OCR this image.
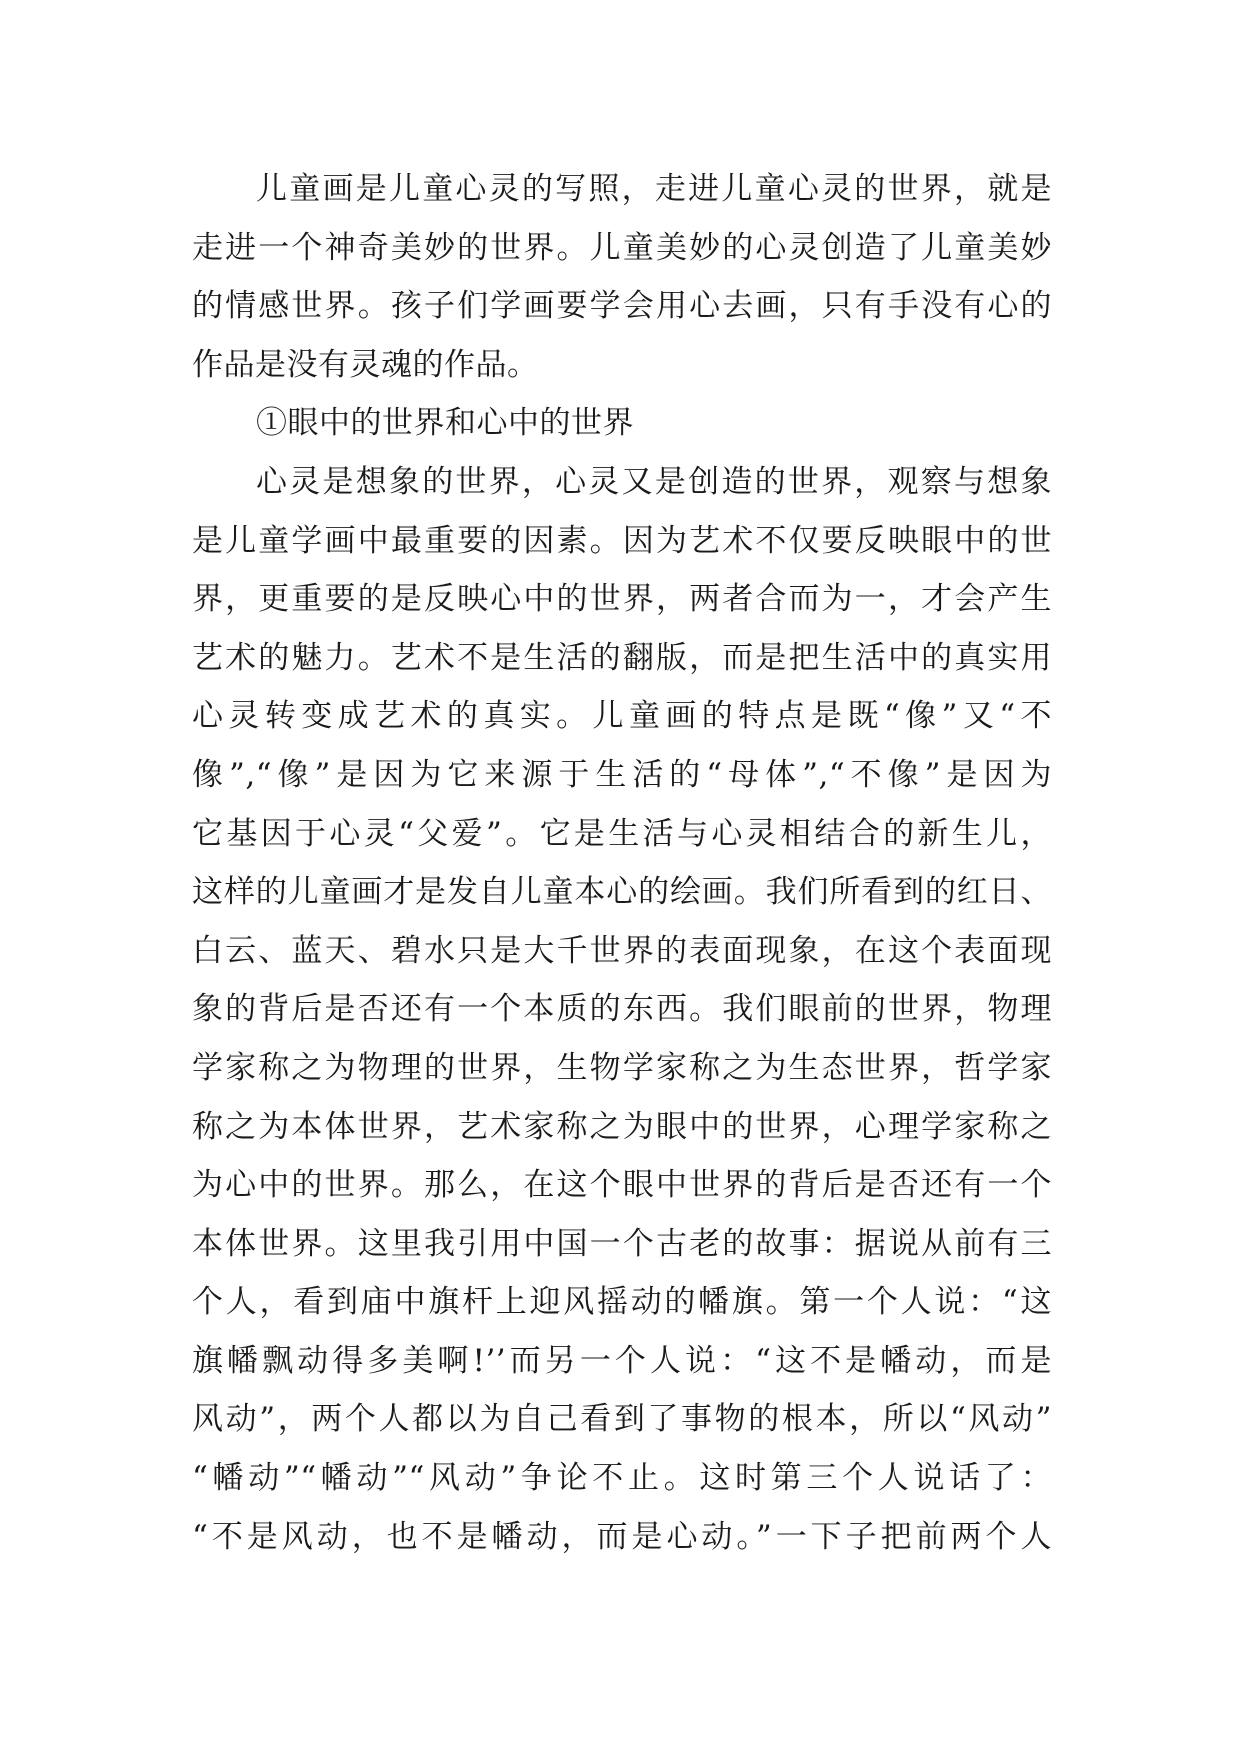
儿童画是儿童心灵的写照，走进儿童心灵的世界，就是
走进一个神奇美妙的世界。儿童美妙的心灵创造了儿童美妙
的情感世界。孩子们学画要学会用心去画，只有手没有心的
作品是没有灵魂的作品。
①眼中的世界和心中的世界
心灵是想象的世界，心灵又是创造的世界，观察与想象
是儿童学画中最重要的因素。因为艺术不仅要反映眼中的世
界，更重要的是反映心中的世界，两者合而为一，才会产生
艺术的魅力。艺术不是生活的翻版，而是把生活中的真实用
心灵转变成艺术的真实。儿童画的特点是既“像”又“不
像”,“像”是因为它来源于生活的“母体”,“不像”是因为
它基因于心灵“父爱”。它是生活与心灵相结合的新生儿，
这样的儿童画才是发自儿童本心的绘画。我们所看到的红日、
白云、蓝天、碧水只是大千世界的表面现象，在这个表面现
象的背后是否还有一个本质的东西。我们眼前的世界，物理
学家称之为物理的世界，生物学家称之为生态世界，哲学家
称之为本体世界，艺术家称之为眼中的世界，心理学家称之
为心中的世界。那么，在这个眼中世界的背后是否还有一个
本体世界。这里我引用中国一个古老的故事：据说从前有三
个人，看到庙中旗杆上迎风摇动的幡旗。第一个人说：“这
旗幡飘动得多美啊!’’而另一个人说：“这不是幡动，而是
风动”，两个人都以为自己看到了事物的根本，所以“风动”
“幡动”“幡动”“风动”争论不止。这时第三个人说话了：
“不是风动，也不是幡动，而是心动。”一下子把前两个人
